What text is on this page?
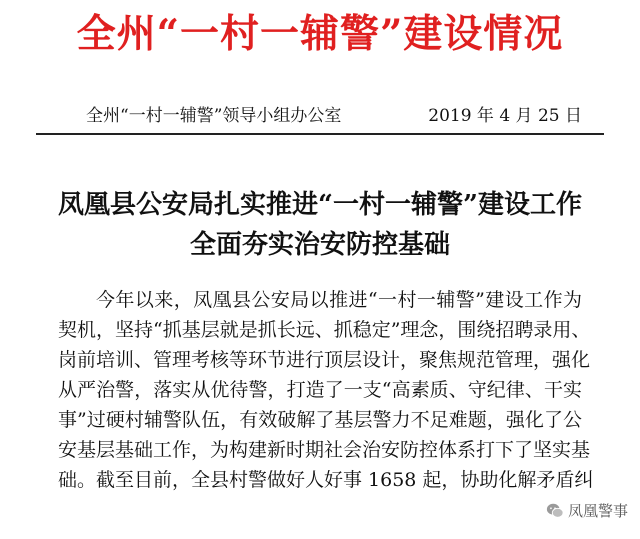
全州“一村一辅警”建设情况
全州“一村一辅警”领导小组办公室	2019 年 4 月 25 日
凤凰县公安局扎实推进“一村一辅警”建设工作
全面夯实治安防控基础
今年以来，凤凰县公安局以推进“一村一辅警”建设工作为
契机，坚持“抓基层就是抓长远、抓稳定”理念，围绕招聘录用、
岗前培训、管理考核等环节进行顶层设计，聚焦规范管理，强化
从严治警，落实从优待警，打造了一支“高素质、守纪律、干实
事”过硬村辅警队伍，有效破解了基层警力不足难题，强化了公
安基层基础工作，为构建新时期社会治安防控体系打下了坚实基
础。截至目前，全县村警做好人好事 1658 起，协助化解矛盾纠
凤凰警事
